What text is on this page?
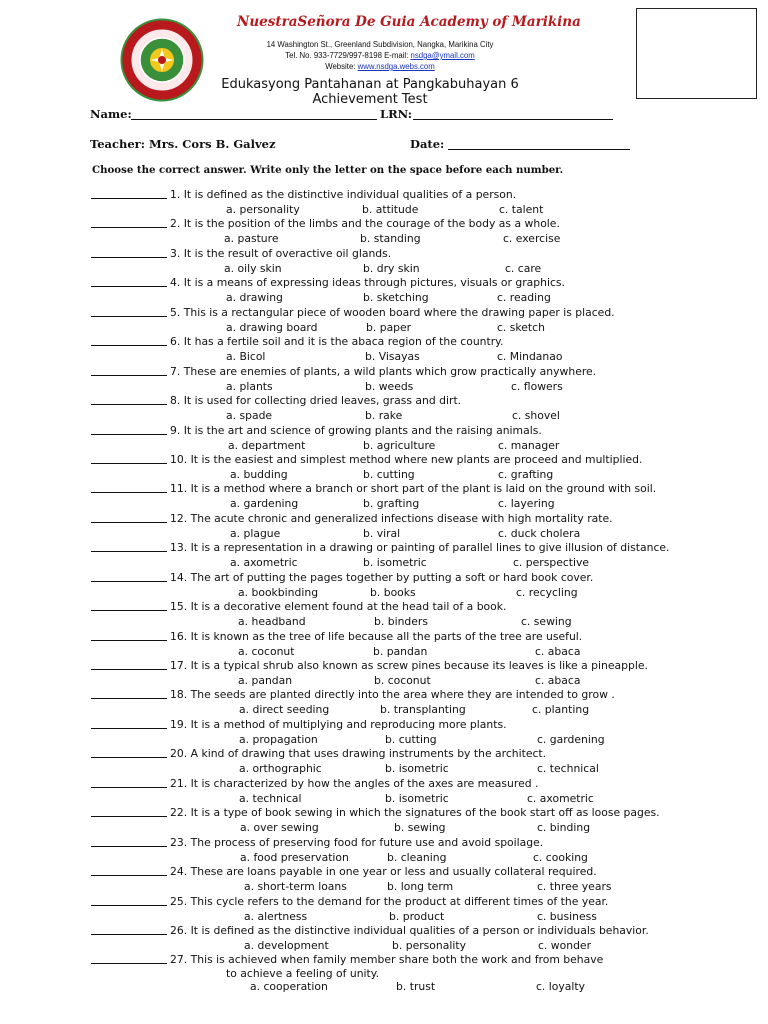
NuestraSeñora De Guia Academy of Marikina
14 Washington St., Greenland Subdivision, Nangka, Marikina City
Tel. No. 933-7729/997-8198 E-mail: nsdga@ymail.com
Website: www.nsdga.webs.com
Edukasyong Pantahanan at Pangkabuhayan 6
Achievement Test
Name:	LRN:
Teacher: Mrs. Cors B. Galvez	Date:
Choose the correct answer. Write only the letter on the space before each number.
1 . It is defined as the distinctive individual qualities of a person.
a. personality	b. attitude	c. talent
2 . It is the position of the limbs and the courage of the body as a whole.
a. pasture	b. standing	c. exercise
3 . It is the result of overactive oil glands.
a. oily skin	b. dry skin	c. care
4 . It is a means of expressing ideas through pictures, visuals or graphics.
a. drawing	b. sketching	c. reading
5 . This is a rectangular piece of wooden board where the drawing paper is placed.
a. drawing board	b. paper	c. sketch
6 . It has a fertile soil and it is the abaca region of the country.
a. Bicol	b. Visayas	c. Mindanao
7 . These are enemies of plants, a wild plants which grow practically anywhere.
a. plants	b. weeds	c. flowers
8 . It is used for collecting dried leaves, grass and dirt.
a. spade	b. rake	c. shovel
9 . It is the art and science of growing plants and the raising animals.
a. department	b. agriculture	c. manager
10 . It is the easiest and simplest method where new plants are proceed and multiplied.
a. budding	b. cutting	c. grafting
11 . It is a method where a branch or short part of the plant is laid on the ground with soil.
a. gardening	b. grafting	c. layering
12 . The acute chronic and generalized infections disease with high mortality rate.
a. plague	b. viral	c. duck cholera
13 . It is a representation in a drawing or painting of parallel lines to give illusion of distance.
a. axometric	b. isometric	c. perspective
14 . The art of putting the pages together by putting a soft or hard book cover.
a. bookbinding	b. books	c. recycling
15 . It is a decorative element found at the head tail of a book.
a. headband	b. binders	c. sewing
16 . It is known as the tree of life because all the parts of the tree are useful.
a. coconut	b. pandan	c. abaca
17 . It is a typical shrub also known as screw pines because its leaves is like a pineapple.
a. pandan	b. coconut	c. abaca
18 . The seeds are planted directly into the area where they are intended to grow .
a. direct seeding	b. transplanting	c. planting
19 . It is a method of multiplying and reproducing more plants.
a. propagation	b. cutting	c. gardening
20 . A kind of drawing that uses drawing instruments by the architect.
a. orthographic	b. isometric	c. technical
21 . It is characterized by how the angles of the axes are measured .
a. technical	b. isometric	c. axometric
22 . It is a type of book sewing in which the signatures of the book start off as loose pages.
a. over sewing	b. sewing	c. binding
23 . The process of preserving food for future use and avoid spoilage.
a. food preservation	b. cleaning	c. cooking
24 . These are loans payable in one year or less and usually collateral required.
a. short-term loans	b. long term	c. three years
25 . This cycle refers to the demand for the product at different times of the year.
a. alertness	b. product	c. business
26 . It is defined as the distinctive individual qualities of a person or individuals behavior.
a. development	b. personality	c. wonder
27 . This is achieved when family member share both the work and from behave
to achieve a feeling of unity.
a. cooperation	b. trust	c. loyalty
